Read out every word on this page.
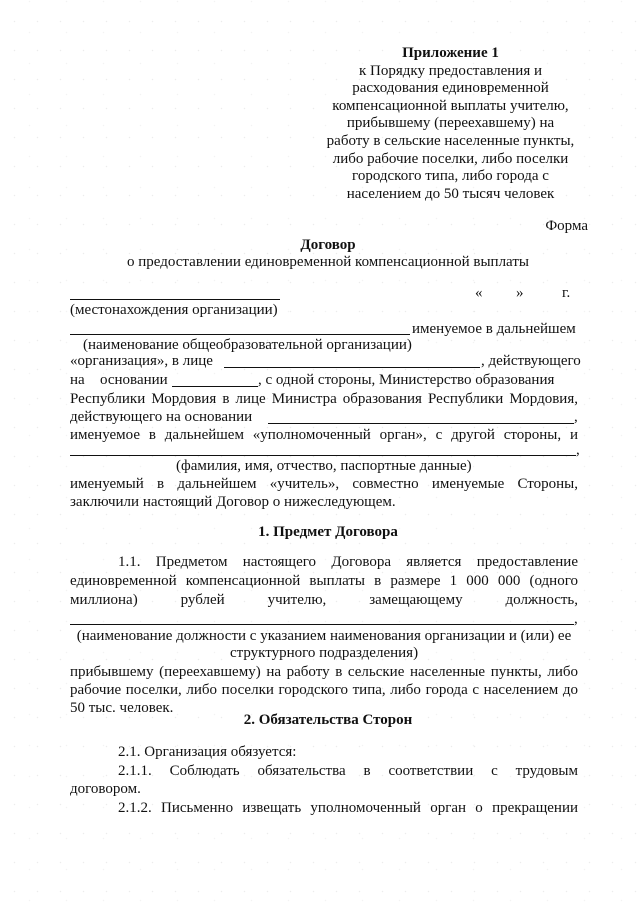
Приложение 1
к Порядку предоставления и
расходования единовременной
компенсационной выплаты учителю,
прибывшему (переехавшему) на
работу в сельские населенные пункты,
либо рабочие поселки, либо поселки
городского типа, либо города с
населением до 50 тысяч человек
Форма
Договор
о предоставлении единовременной компенсационной выплаты
« »	г.
(местонахождения организации)
именуемое в дальнейшем
(наименование общеобразовательной организации)
«организация», в лице	, действующего
на основании	, с одной стороны, Министерство образования
Республики Мордовия в лице Министра образования Республики Мордовия,
действующего на основании	,
именуемое в дальнейшем «уполномоченный орган», с другой стороны, и
,
(фамилия, имя, отчество, паспортные данные)
именуемый в дальнейшем «учитель», совместно именуемые Стороны,
заключили настоящий Договор о нижеследующем.
1. Предмет Договора
1.1. Предметом настоящего Договора является предоставление
единовременной компенсационной выплаты в размере 1 000 000 (одного
миллиона) рублей учителю, замещающему должность,
,
(наименование должности с указанием наименования организации и (или) ее
структурного подразделения)
прибывшему (переехавшему) на работу в сельские населенные пункты, либо
рабочие поселки, либо поселки городского типа, либо города с населением до
50 тыс. человек.
2. Обязательства Сторон
2.1. Организация обязуется:
2.1.1. Соблюдать обязательства в соответствии с трудовым
договором.
2.1.2. Письменно извещать уполномоченный орган о прекращении
